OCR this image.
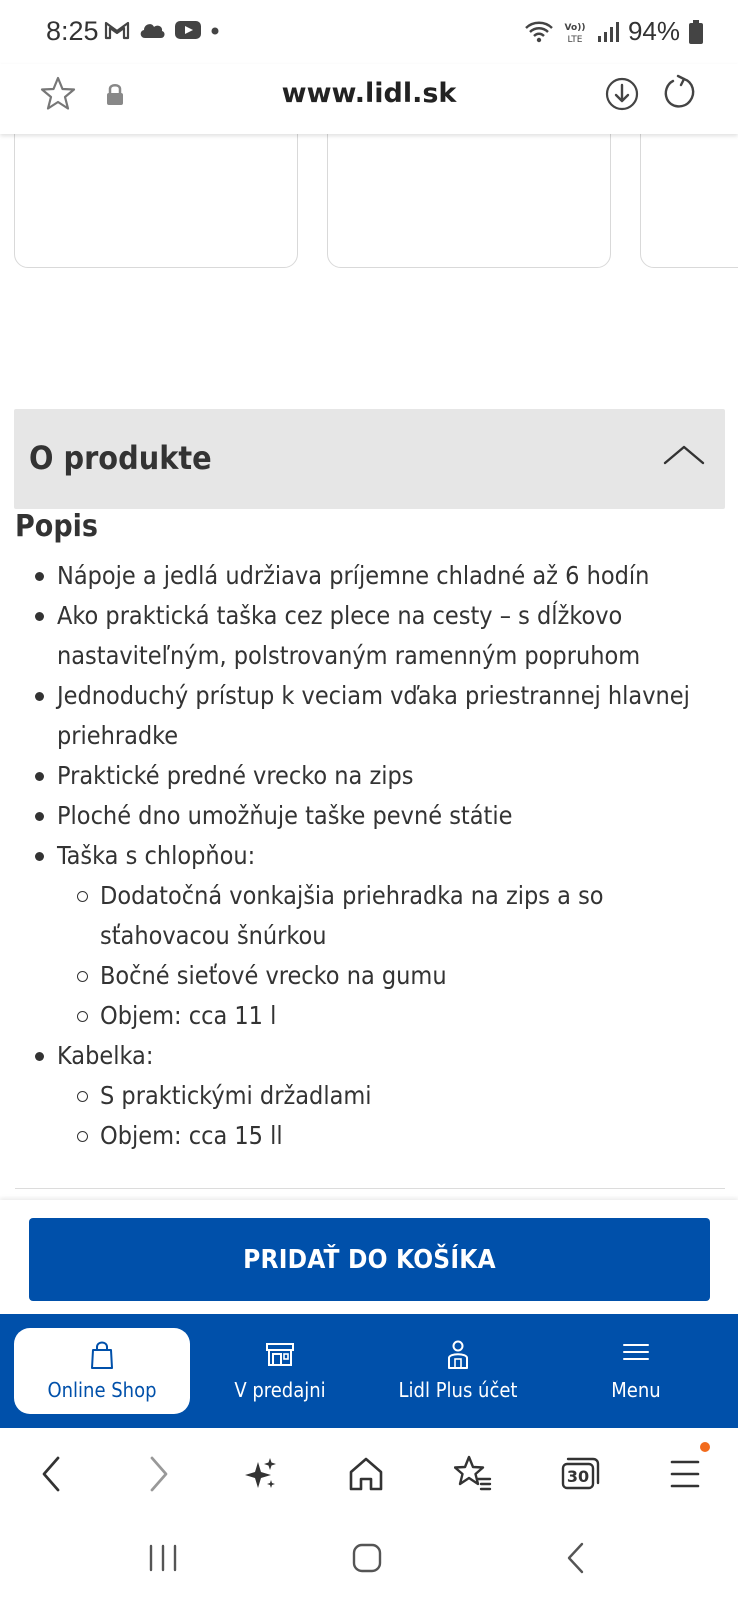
8:25	Vo))
LTE 94%
www.lidl.sk
O produkte
Popis
Nápoje a jedlá udržiava príjemne chladné až 6 hodín
Ako praktická taška cez plece na cesty – s dĺžkovo nastaviteľným, polstrovaným ramenným popruhom
Jednoduchý prístup k veciam vďaka priestrannej hlavnej priehradke
Praktické predné vrecko na zips
Ploché dno umožňuje taške pevné státie
Taška s chlopňou:
Dodatočná vonkajšia priehradka na zips a so sťahovacou šnúrkou
Bočné sieťové vrecko na gumu
Objem: cca 11 l
Kabelka:
S praktickými držadlami
Objem: cca 15 ll
PRIDAŤ DO KOŠÍKA
Online Shop	V predajni	Lidl Plus účet	Menu
30
